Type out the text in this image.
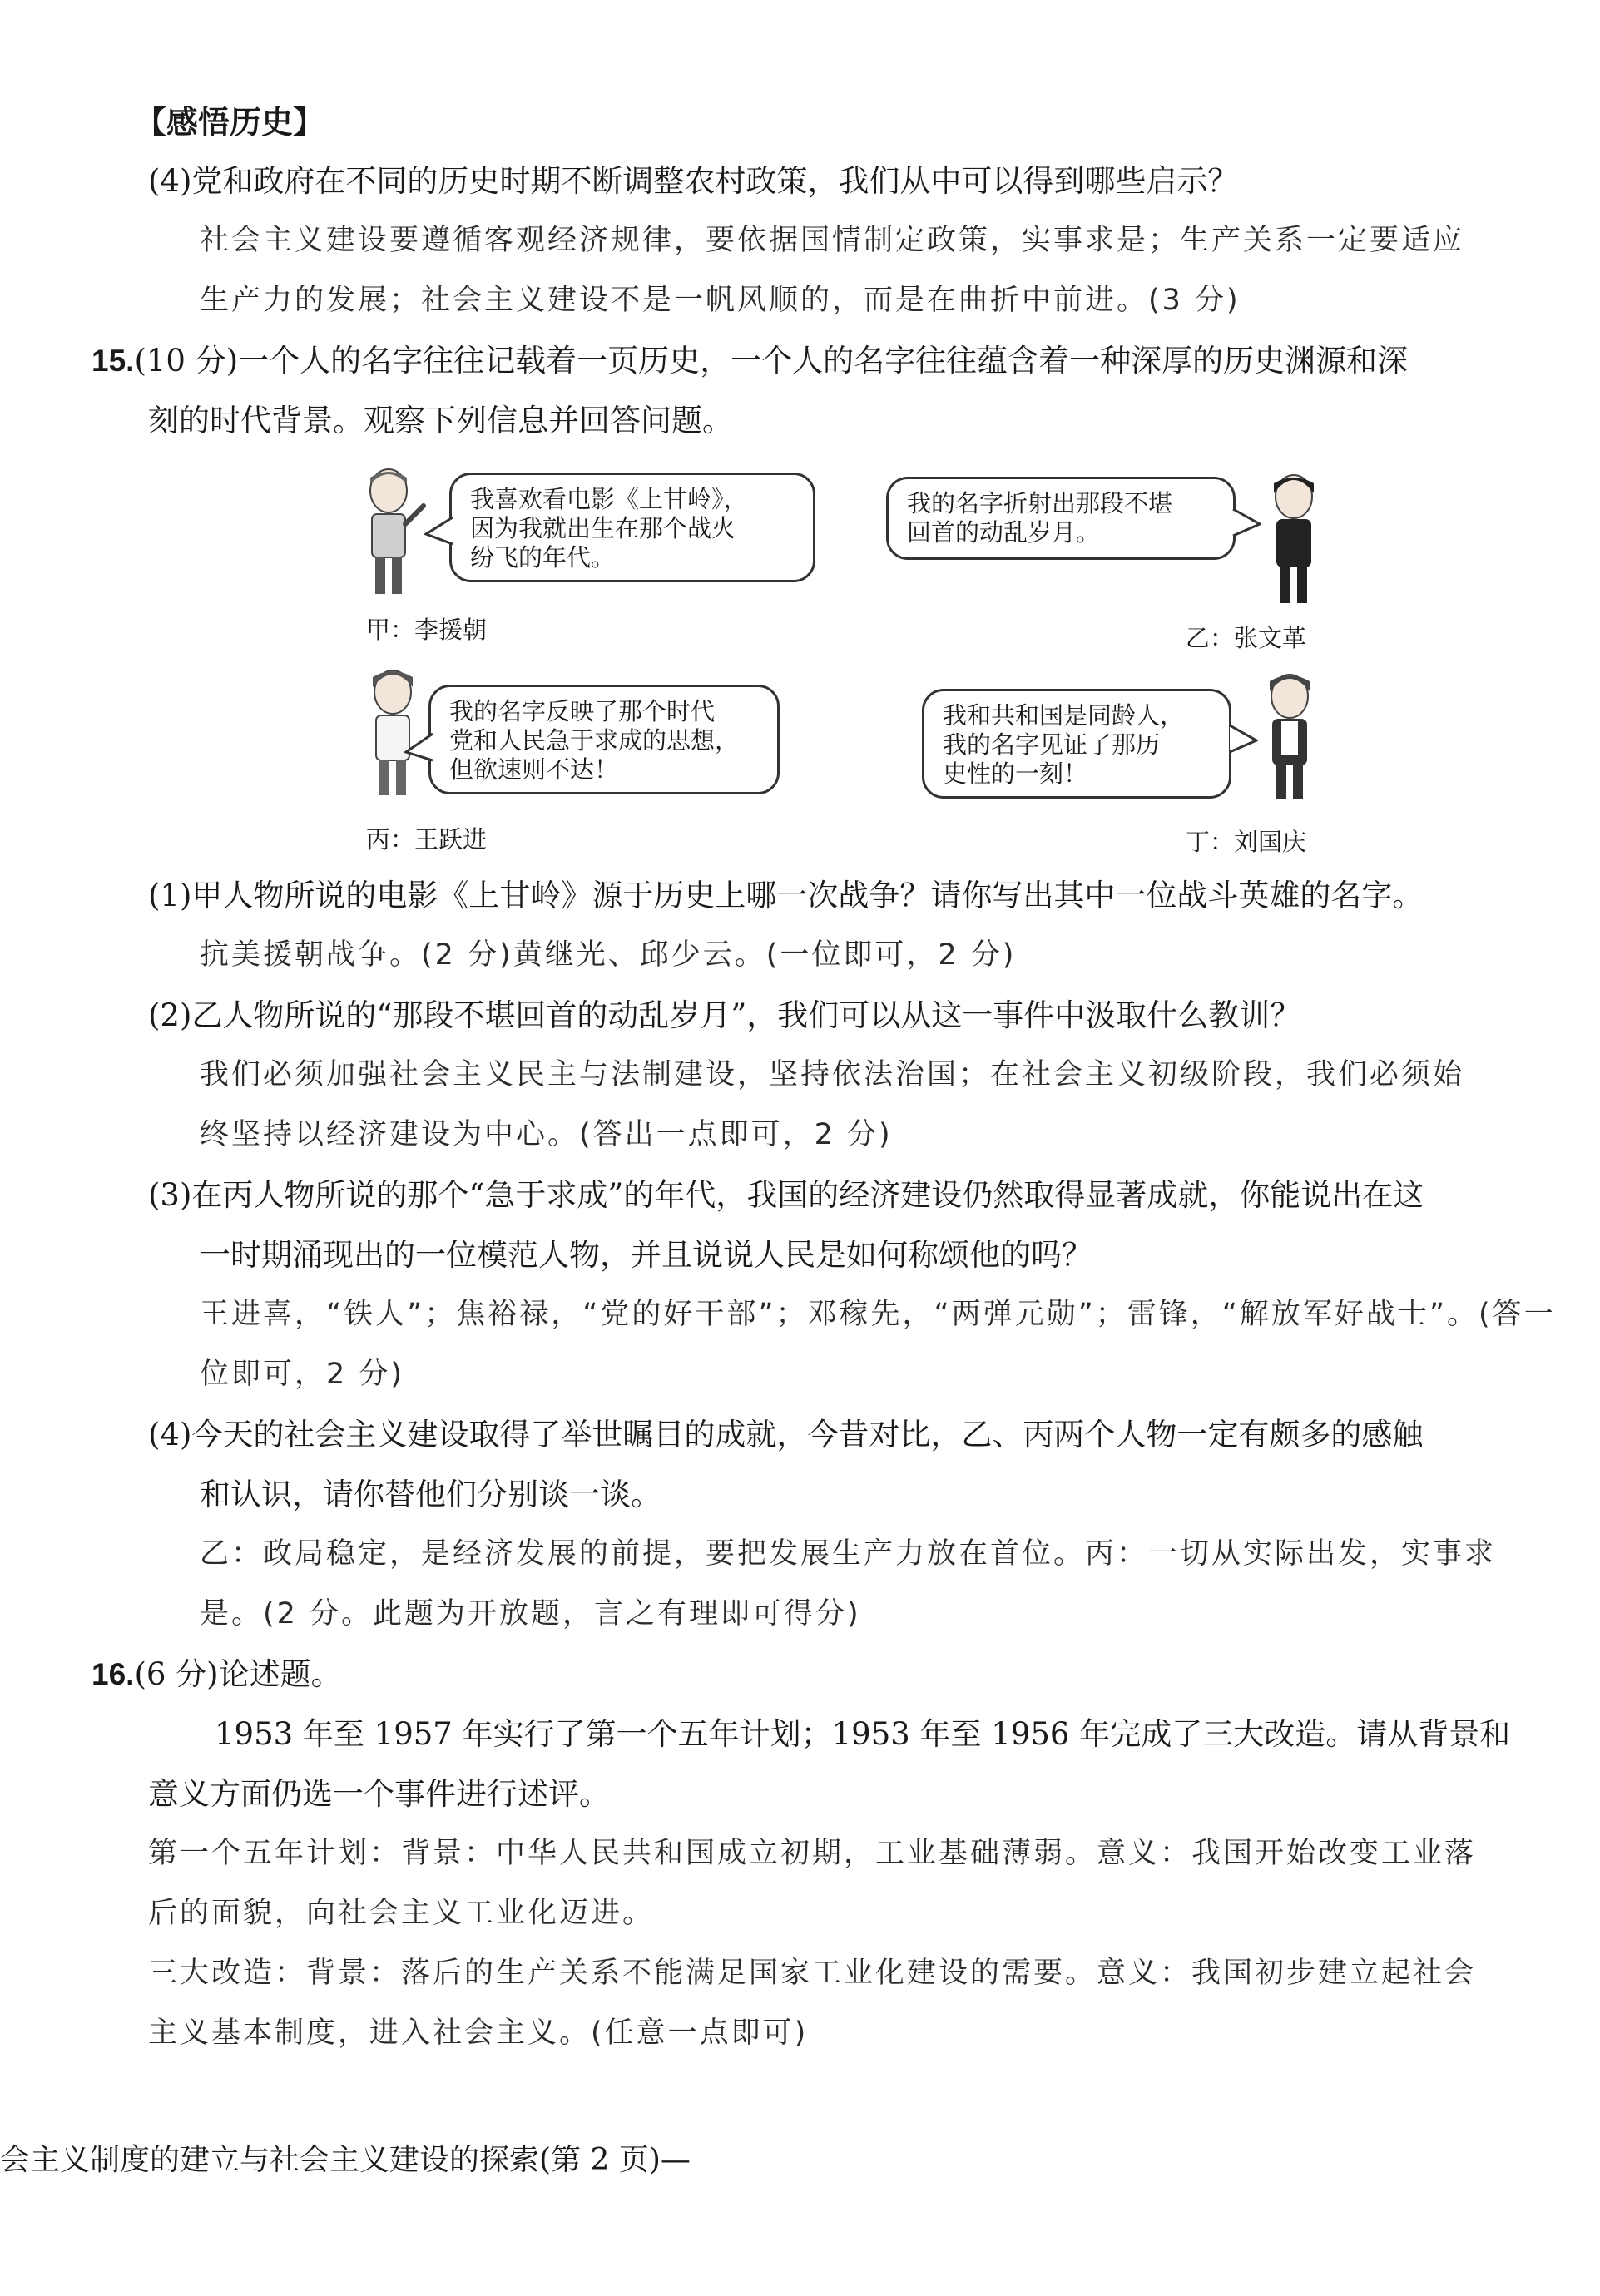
【感悟历史】
(4)党和政府在不同的历史时期不断调整农村政策，我们从中可以得到哪些启示？
社会主义建设要遵循客观经济规律，要依据国情制定政策，实事求是；生产关系一定要适应
生产力的发展；社会主义建设不是一帆风顺的，而是在曲折中前进。(3 分)
15.(10 分)一个人的名字往往记载着一页历史，一个人的名字往往蕴含着一种深厚的历史渊源和深
刻的时代背景。观察下列信息并回答问题。
我喜欢看电影《上甘岭》，
因为我就出生在那个战火
纷飞的年代。
甲：李援朝
我的名字折射出那段不堪
回首的动乱岁月。
乙：张文革
我的名字反映了那个时代
党和人民急于求成的思想，
但欲速则不达！
丙：王跃进
我和共和国是同龄人，
我的名字见证了那历
史性的一刻！
丁：刘国庆
(1)甲人物所说的电影《上甘岭》源于历史上哪一次战争？请你写出其中一位战斗英雄的名字。
抗美援朝战争。(2 分)黄继光、邱少云。(一位即可，2 分)
(2)乙人物所说的“那段不堪回首的动乱岁月”，我们可以从这一事件中汲取什么教训？
我们必须加强社会主义民主与法制建设，坚持依法治国；在社会主义初级阶段，我们必须始
终坚持以经济建设为中心。(答出一点即可，2 分)
(3)在丙人物所说的那个“急于求成”的年代，我国的经济建设仍然取得显著成就，你能说出在这
一时期涌现出的一位模范人物，并且说说人民是如何称颂他的吗？
王进喜，“铁人”；焦裕禄，“党的好干部”；邓稼先，“两弹元勋”；雷锋，“解放军好战士”。(答一
位即可，2 分)
(4)今天的社会主义建设取得了举世瞩目的成就，今昔对比，乙、丙两个人物一定有颇多的感触
和认识，请你替他们分别谈一谈。
乙：政局稳定，是经济发展的前提，要把发展生产力放在首位。丙：一切从实际出发，实事求
是。(2 分。此题为开放题，言之有理即可得分)
16.(6 分)论述题。
1953 年至 1957 年实行了第一个五年计划；1953 年至 1956 年完成了三大改造。请从背景和
意义方面仍选一个事件进行述评。
第一个五年计划：背景：中华人民共和国成立初期，工业基础薄弱。意义：我国开始改变工业落
后的面貌，向社会主义工业化迈进。
三大改造：背景：落后的生产关系不能满足国家工业化建设的需要。意义：我国初步建立起社会
主义基本制度，进入社会主义。(任意一点即可)
会主义制度的建立与社会主义建设的探索(第 2 页)—
